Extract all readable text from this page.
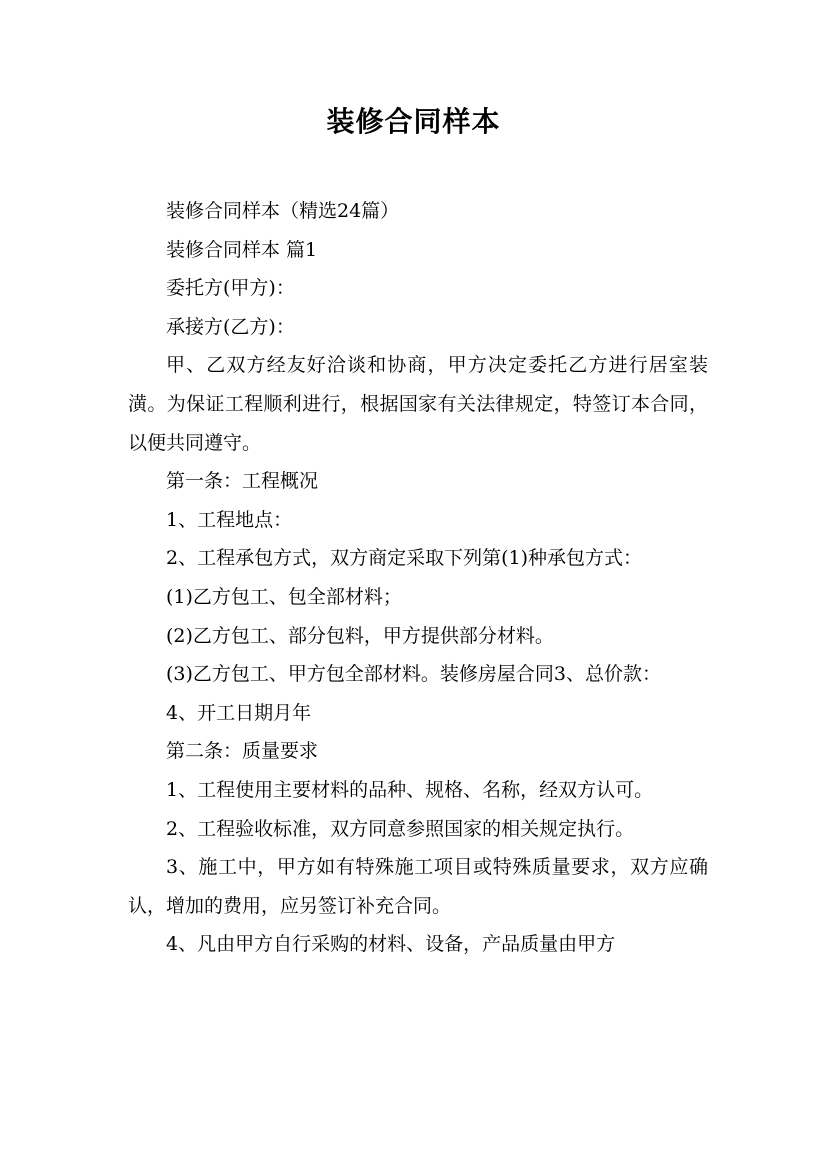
装修合同样本

装修合同样本（精选24篇）

装修合同样本 篇1

委托方(甲方)：

承接方(乙方)：

甲、乙双方经友好洽谈和协商，甲方决定委托乙方进行居室装潢。为保证工程顺利进行，根据国家有关法律规定，特签订本合同，以便共同遵守。

第一条：工程概况

1、工程地点：

2、工程承包方式，双方商定采取下列第(1)种承包方式：

(1)乙方包工、包全部材料；

(2)乙方包工、部分包料，甲方提供部分材料。

(3)乙方包工、甲方包全部材料。装修房屋合同3、总价款：

4、开工日期月年

第二条：质量要求

1、工程使用主要材料的品种、规格、名称，经双方认可。

2、工程验收标准，双方同意参照国家的相关规定执行。

3、施工中，甲方如有特殊施工项目或特殊质量要求，双方应确认，增加的费用，应另签订补充合同。

4、凡由甲方自行采购的材料、设备，产品质量由甲方
